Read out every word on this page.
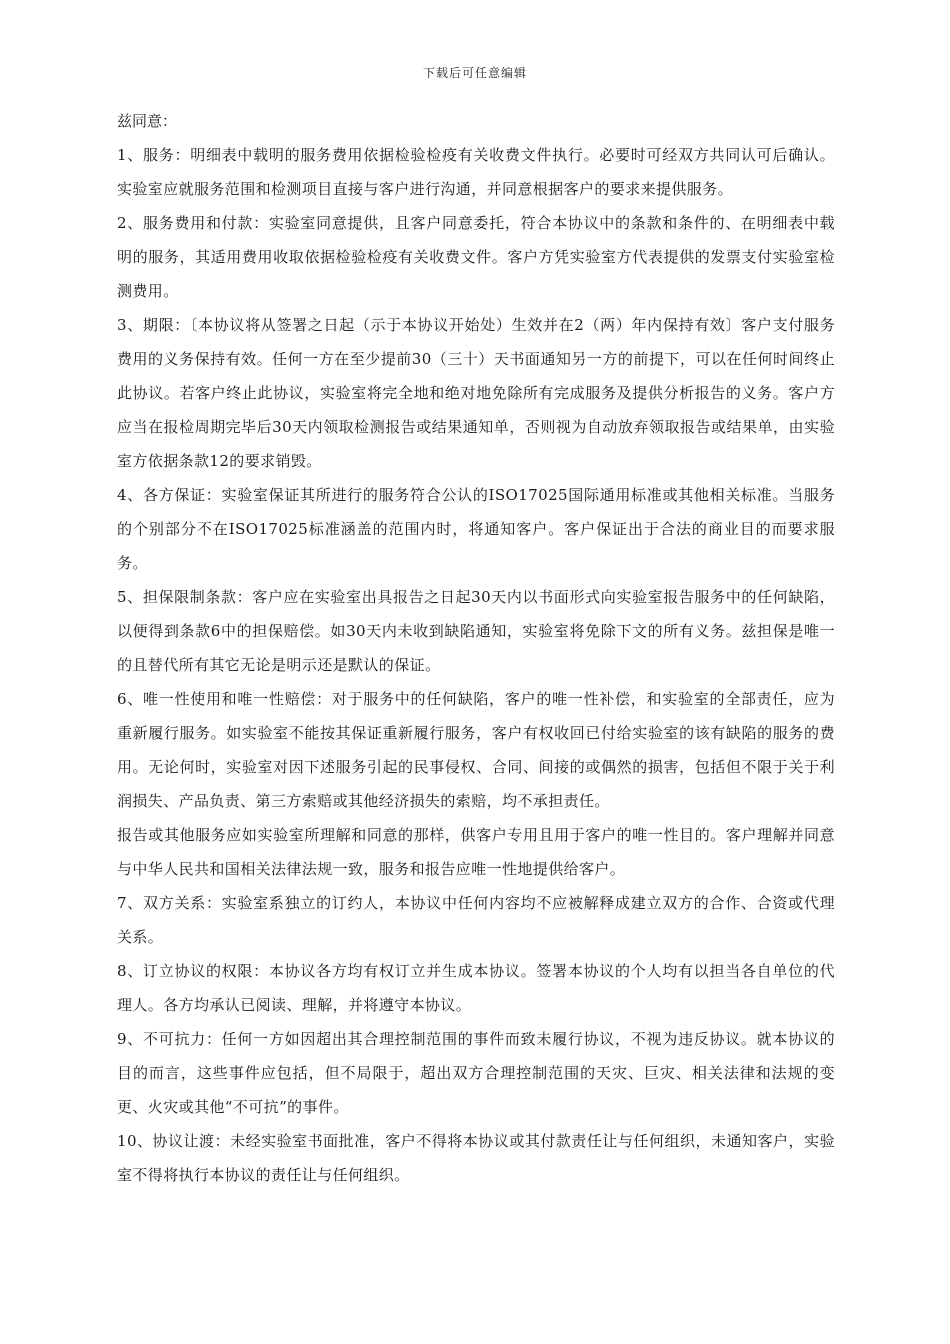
下载后可任意编辑

兹同意：

1、服务：明细表中载明的服务费用依据检验检疫有关收费文件执行。必要时可经双方共同认可后确认。实验室应就服务范围和检测项目直接与客户进行沟通，并同意根据客户的要求来提供服务。

2、服务费用和付款：实验室同意提供，且客户同意委托，符合本协议中的条款和条件的、在明细表中载明的服务，其适用费用收取依据检验检疫有关收费文件。客户方凭实验室方代表提供的发票支付实验室检测费用。

3、期限：〔本协议将从签署之日起（示于本协议开始处）生效并在2（两）年内保持有效〕客户支付服务费用的义务保持有效。任何一方在至少提前30（三十）天书面通知另一方的前提下，可以在任何时间终止此协议。若客户终止此协议，实验室将完全地和绝对地免除所有完成服务及提供分析报告的义务。客户方应当在报检周期完毕后30天内领取检测报告或结果通知单，否则视为自动放弃领取报告或结果单，由实验室方依据条款12的要求销毁。

4、各方保证：实验室保证其所进行的服务符合公认的ISO17025国际通用标准或其他相关标准。当服务的个别部分不在ISO17025标准涵盖的范围内时，将通知客户。客户保证出于合法的商业目的而要求服务。

5、担保限制条款：客户应在实验室出具报告之日起30天内以书面形式向实验室报告服务中的任何缺陷，以便得到条款6中的担保赔偿。如30天内未收到缺陷通知，实验室将免除下文的所有义务。兹担保是唯一的且替代所有其它无论是明示还是默认的保证。

6、唯一性使用和唯一性赔偿：对于服务中的任何缺陷，客户的唯一性补偿，和实验室的全部责任，应为重新履行服务。如实验室不能按其保证重新履行服务，客户有权收回已付给实验室的该有缺陷的服务的费用。无论何时，实验室对因下述服务引起的民事侵权、合同、间接的或偶然的损害，包括但不限于关于利润损失、产品负责、第三方索赔或其他经济损失的索赔，均不承担责任。

报告或其他服务应如实验室所理解和同意的那样，供客户专用且用于客户的唯一性目的。客户理解并同意与中华人民共和国相关法律法规一致，服务和报告应唯一性地提供给客户。

7、双方关系：实验室系独立的订约人，本协议中任何内容均不应被解释成建立双方的合作、合资或代理关系。

8、订立协议的权限：本协议各方均有权订立并生成本协议。签署本协议的个人均有以担当各自单位的代理人。各方均承认已阅读、理解，并将遵守本协议。

9、不可抗力：任何一方如因超出其合理控制范围的事件而致未履行协议，不视为违反协议。就本协议的目的而言，这些事件应包括，但不局限于，超出双方合理控制范围的天灾、巨灾、相关法律和法规的变更、火灾或其他“不可抗”的事件。

10、协议让渡：未经实验室书面批准，客户不得将本协议或其付款责任让与任何组织，未通知客户，实验室不得将执行本协议的责任让与任何组织。
